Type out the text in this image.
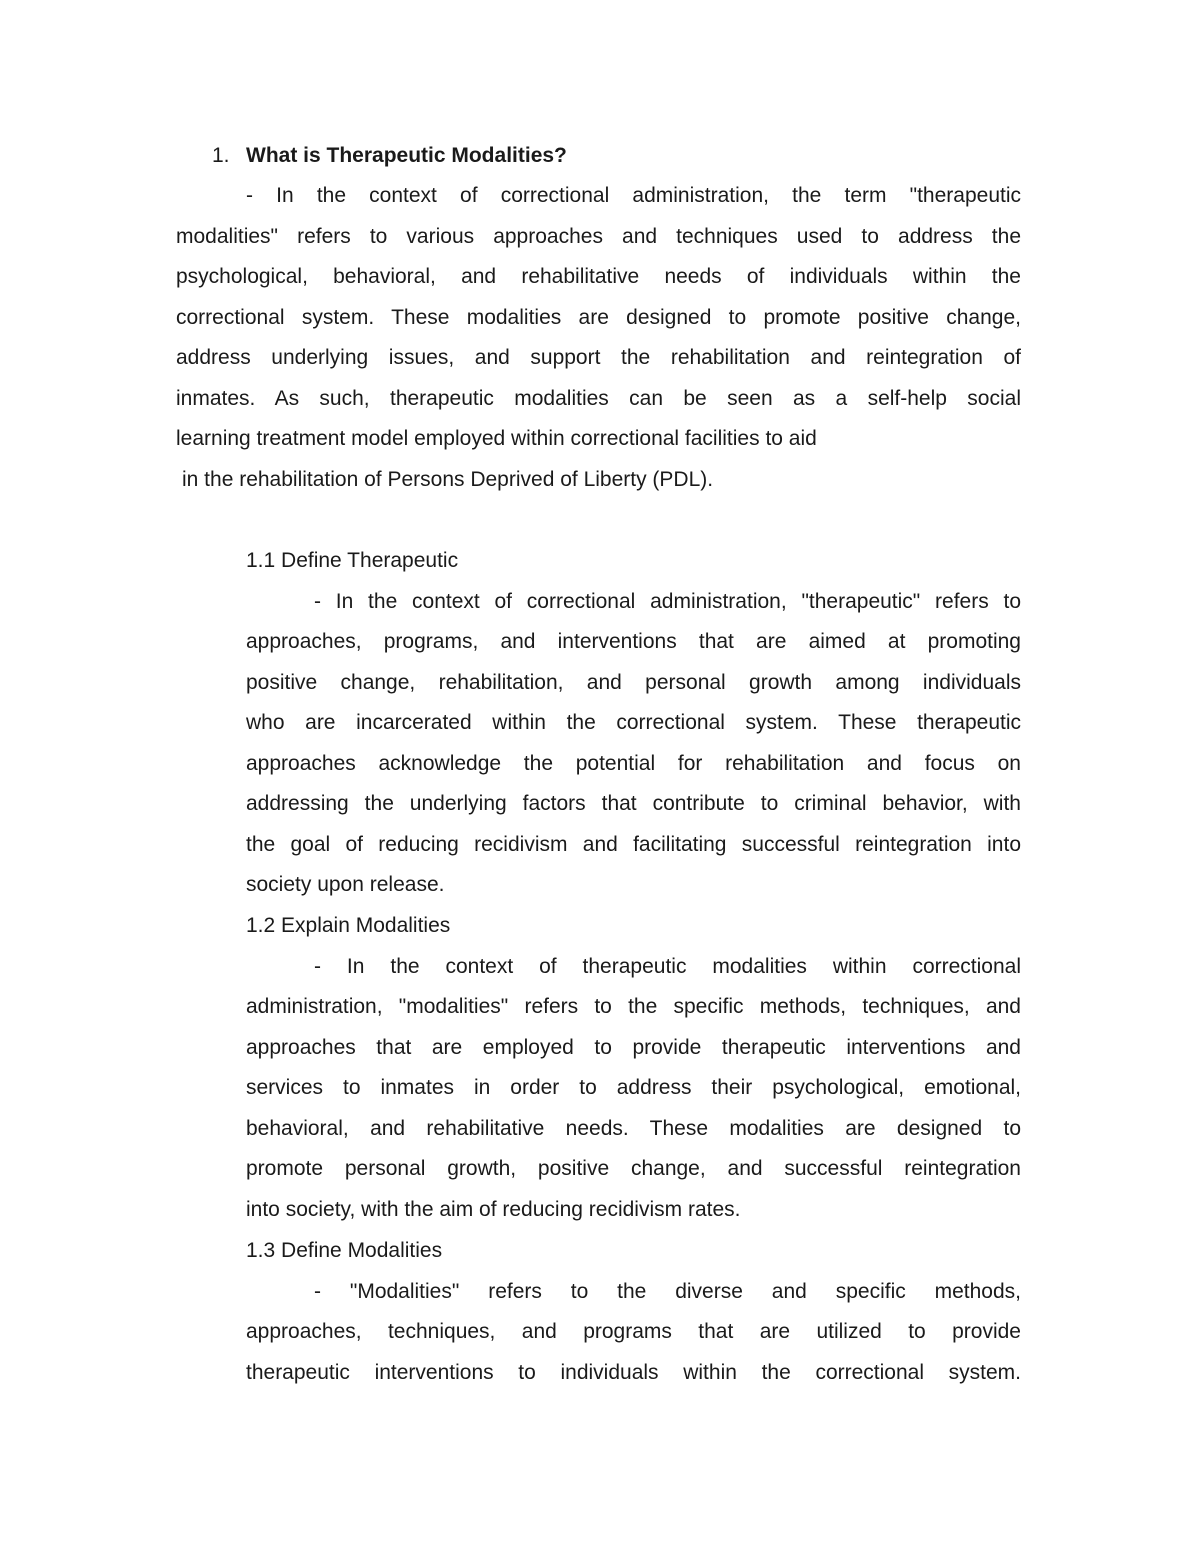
1. What is Therapeutic Modalities?
- In the context of correctional administration, the term "therapeutic
modalities" refers to various approaches and techniques used to address the
psychological, behavioral, and rehabilitative needs of individuals within the
correctional system. These modalities are designed to promote positive change,
address underlying issues, and support the rehabilitation and reintegration of
inmates. As such, therapeutic modalities can be seen as a self-help social
learning treatment model employed within correctional facilities to aid
in the rehabilitation of Persons Deprived of Liberty (PDL).
1.1 Define Therapeutic
- In the context of correctional administration, "therapeutic" refers to
approaches, programs, and interventions that are aimed at promoting
positive change, rehabilitation, and personal growth among individuals
who are incarcerated within the correctional system. These therapeutic
approaches acknowledge the potential for rehabilitation and focus on
addressing the underlying factors that contribute to criminal behavior, with
the goal of reducing recidivism and facilitating successful reintegration into
society upon release.
1.2 Explain Modalities
- In the context of therapeutic modalities within correctional
administration, "modalities" refers to the specific methods, techniques, and
approaches that are employed to provide therapeutic interventions and
services to inmates in order to address their psychological, emotional,
behavioral, and rehabilitative needs. These modalities are designed to
promote personal growth, positive change, and successful reintegration
into society, with the aim of reducing recidivism rates.
1.3 Define Modalities
- "Modalities" refers to the diverse and specific methods,
approaches, techniques, and programs that are utilized to provide
therapeutic interventions to individuals within the correctional system.
